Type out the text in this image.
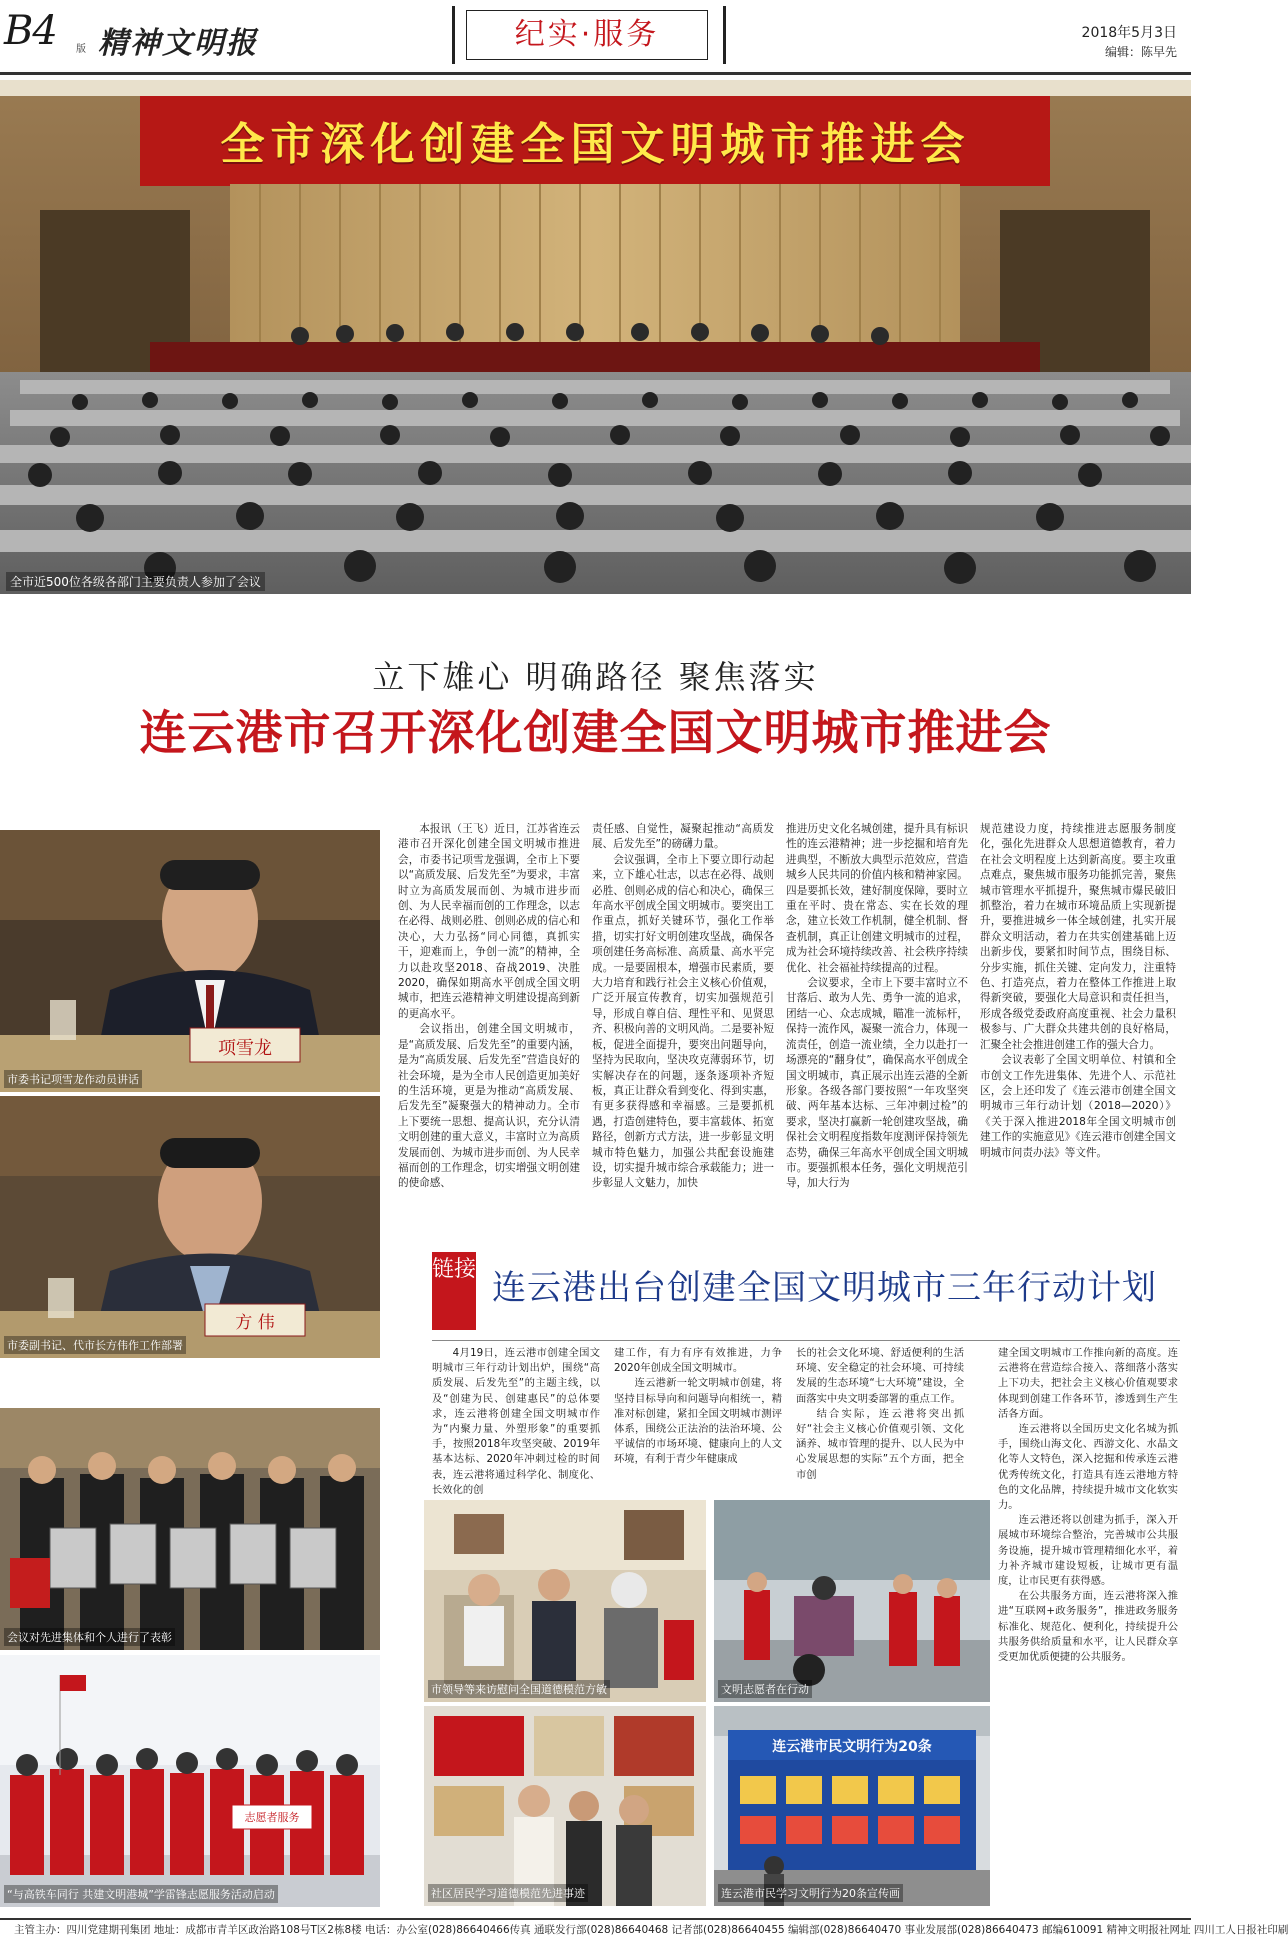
B4 版 精神文明报	纪实·服务	2018年5月3日
编辑：陈早先
全市深化创建全国文明城市推进会
全市近500位各级各部门主要负责人参加了会议
立下雄心 明确路径 聚焦落实
连云港市召开深化创建全国文明城市推进会
项雪龙
市委书记项雪龙作动员讲话
方 伟
市委副书记、代市长方伟作工作部署
会议对先进集体和个人进行了表彰
志愿者服务
“与高铁车同行 共建文明港城”学雷锋志愿服务活动启动

本报讯（王飞）近日，江苏省连云港市召开深化创建全国文明城市推进会，市委书记项雪龙强调，全市上下要以“高质发展、后发先至”为要求，丰富时立为高质发展而创、为城市进步而创、为人民幸福而创的工作理念，以志在必得、战则必胜、创则必成的信心和决心，大力弘扬“同心同德，真抓实干，迎难而上，争创一流”的精神，全力以赴攻坚2018、奋战2019、决胜2020，确保如期高水平创成全国文明城市，把连云港精神文明建设提高到新的更高水平。

会议指出，创建全国文明城市，是“高质发展、后发先至”的重要内涵，是为“高质发展、后发先至”营造良好的社会环境，是为全市人民创造更加美好的生活环境，更是为推动“高质发展、后发先至”凝聚强大的精神动力。全市上下要统一思想、提高认识，充分认清文明创建的重大意义，丰富时立为高质发展而创、为城市进步而创、为人民幸福而创的工作理念，切实增强文明创建的使命感、

责任感、自觉性，凝聚起推动“高质发展、后发先至”的磅礴力量。

会议强调，全市上下要立即行动起来，立下雄心壮志，以志在必得、战则必胜、创则必成的信心和决心，确保三年高水平创成全国文明城市。要突出工作重点，抓好关键环节，强化工作举措，切实打好文明创建攻坚战，确保各项创建任务高标准、高质量、高水平完成。一是要固根本，增强市民素质，要大力培育和践行社会主义核心价值观，广泛开展宣传教育，切实加强规范引导，形成自尊自信、理性平和、见贤思齐、积极向善的文明风尚。二是要补短板，促进全面提升，要突出问题导向，坚持为民取向，坚决攻克薄弱环节，切实解决存在的问题，逐条逐项补齐短板，真正让群众看到变化、得到实惠，有更多获得感和幸福感。三是要抓机遇，打造创建特色，要丰富载体、拓宽路径，创新方式方法，进一步彰显文明城市特色魅力，加强公共配套设施建设，切实提升城市综合承载能力；进一步彰显人文魅力，加快

推进历史文化名城创建，提升具有标识性的连云港精神；进一步挖掘和培育先进典型，不断放大典型示范效应，营造城乡人民共同的价值内核和精神家园。四是要抓长效，建好制度保障，要时立重在平时、贵在常态、实在长效的理念，建立长效工作机制，健全机制、督查机制，真正让创建文明城市的过程，成为社会环境持续改善、社会秩序持续优化、社会福祉持续提高的过程。

会议要求，全市上下要丰富时立不甘落后、敢为人先、勇争一流的追求，团结一心、众志成城，瞄准一流标杆，保持一流作风，凝聚一流合力，体现一流责任，创造一流业绩，全力以赴打一场漂亮的“翻身仗”，确保高水平创成全国文明城市，真正展示出连云港的全新形象。各级各部门要按照“一年攻坚突破、两年基本达标、三年冲刺过检”的要求，坚决打赢新一轮创建攻坚战，确保社会文明程度指数年度测评保持领先态势，确保三年高水平创成全国文明城市。要强抓根本任务，强化文明规范引导，加大行为

规范建设力度，持续推进志愿服务制度化，强化先进群众人思想道德教育，着力在社会文明程度上达到新高度。要主攻重点难点，聚焦城市服务功能抓完善，聚焦城市管理水平抓提升，聚焦城市爆民破旧抓整治，着力在城市环境品质上实现新提升，要推进城乡一体全域创建，扎实开展群众文明活动，着力在共实创建基础上迈出新步伐，要紧扣时间节点，围绕目标、分步实施，抓住关键、定向发力，注重特色、打造亮点，着力在整体工作推进上取得新突破，要强化大局意识和责任担当，形成各级党委政府高度重视、社会力量积极参与、广大群众共建共创的良好格局，汇聚全社会推进创建工作的强大合力。

会议表彰了全国文明单位、村镇和全市创文工作先进集体、先进个人、示范社区，会上还印发了《连云港市创建全国文明城市三年行动计划（2018—2020）》《关于深入推进2018年全国文明城市创建工作的实施意见》《连云港市创建全国文明城市问责办法》等文件。

链接 连云港出台创建全国文明城市三年行动计划

4月19日，连云港市创建全国文明城市三年行动计划出炉，围绕“高质发展、后发先至”的主题主线，以及“创建为民、创建惠民”的总体要求，连云港将创建全国文明城市作为“内聚力量、外塑形象”的重要抓手，按照2018年攻坚突破、2019年基本达标、2020年冲刺过检的时间表，连云港将通过科学化、制度化、长效化的创

建工作，有力有序有效推进，力争2020年创成全国文明城市。

连云港新一轮文明城市创建，将坚持目标导向和问题导向相统一，精准对标创建，紧扣全国文明城市测评体系，围绕公正法治的法治环境、公平诚信的市场环境、健康向上的人文环境，有利于青少年健康成

长的社会文化环境、舒适便利的生活环境、安全稳定的社会环境、可持续发展的生态环境“七大环境”建设，全面落实中央文明委部署的重点工作。

结合实际，连云港将突出抓好“社会主义核心价值观引领、文化涵养、城市管理的提升、以人民为中心发展思想的实际”五个方面，把全市创

建全国文明城市工作推向新的高度。连云港将在营造综合接入、落细落小落实上下功夫，把社会主义核心价值观要求体现到创建工作各环节，渗透到生产生活各方面。

连云港将以全国历史文化名城为抓手，围绕山海文化、西游文化、水晶文化等人文特色，深入挖掘和传承连云港优秀传统文化，打造具有连云港地方特色的文化品牌，持续提升城市文化软实力。

连云港还将以创建为抓手，深入开展城市环境综合整治，完善城市公共服务设施，提升城市管理精细化水平，着力补齐城市建设短板，让城市更有温度，让市民更有获得感。

在公共服务方面，连云港将深入推进“互联网+政务服务”，推进政务服务标准化、规范化、便利化，持续提升公共服务供给质量和水平，让人民群众享受更加优质便捷的公共服务。

市领导等来访慰问全国道德模范方敏	文明志愿者在行动
社区居民学习道德模范先进事迹
连云港市民文明行为20条
连云港市民学习文明行为20条宣传画
主管主办：四川党建期刊集团 地址：成都市青羊区政治路108号T区2栋8楼 电话：办公室(028)86640466传真 通联发行部(028)86640468 记者部(028)86640455 编辑部(028)86640470 事业发展部(028)86640473 邮编610091 精神文明报社网址 四川工人日报社印刷
